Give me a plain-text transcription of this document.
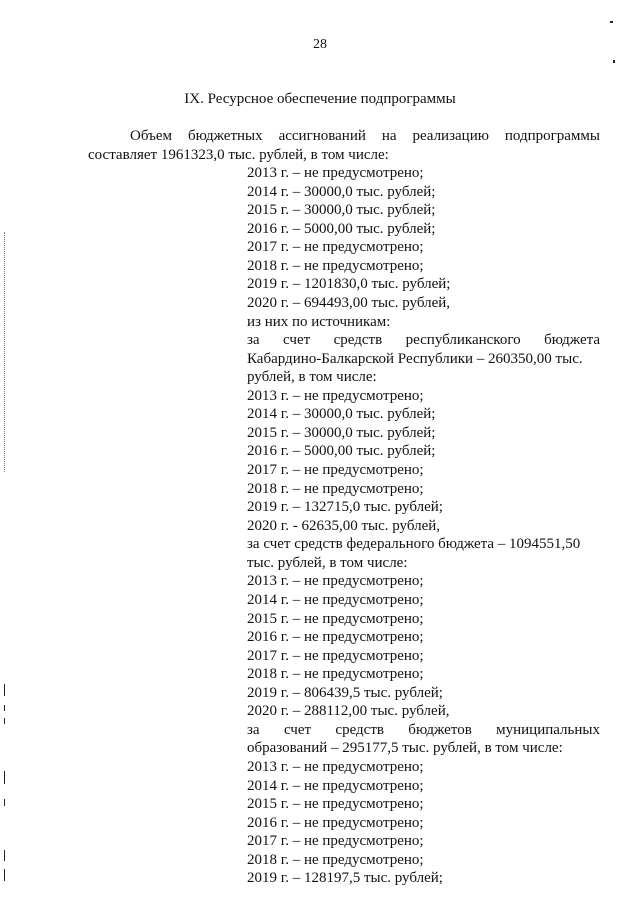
28
IX. Ресурсное обеспечение подпрограммы
Объем бюджетных ассигнований на реализацию подпрограммы
составляет 1961323,0 тыс. рублей, в том числе:
2013 г. – не предусмотрено;
2014 г. – 30000,0 тыс. рублей;
2015 г. – 30000,0 тыс. рублей;
2016 г. – 5000,00 тыс. рублей;
2017 г. – не предусмотрено;
2018 г. – не предусмотрено;
2019 г. – 1201830,0 тыс. рублей;
2020 г. – 694493,00 тыс. рублей,
из них по источникам:
за счет средств республиканского бюджета
Кабардино-Балкарской Республики – 260350,00 тыс.
рублей, в том числе:
2013 г. – не предусмотрено;
2014 г. – 30000,0 тыс. рублей;
2015 г. – 30000,0 тыс. рублей;
2016 г. – 5000,00 тыс. рублей;
2017 г. – не предусмотрено;
2018 г. – не предусмотрено;
2019 г. – 132715,0 тыс. рублей;
2020 г. - 62635,00 тыс. рублей,
за счет средств федерального бюджета – 1094551,50
тыс. рублей, в том числе:
2013 г. – не предусмотрено;
2014 г. – не предусмотрено;
2015 г. – не предусмотрено;
2016 г. – не предусмотрено;
2017 г. – не предусмотрено;
2018 г. – не предусмотрено;
2019 г. – 806439,5 тыс. рублей;
2020 г. – 288112,00 тыс. рублей,
за счет средств бюджетов муниципальных
образований – 295177,5 тыс. рублей, в том числе:
2013 г. – не предусмотрено;
2014 г. – не предусмотрено;
2015 г. – не предусмотрено;
2016 г. – не предусмотрено;
2017 г. – не предусмотрено;
2018 г. – не предусмотрено;
2019 г. – 128197,5 тыс. рублей;
